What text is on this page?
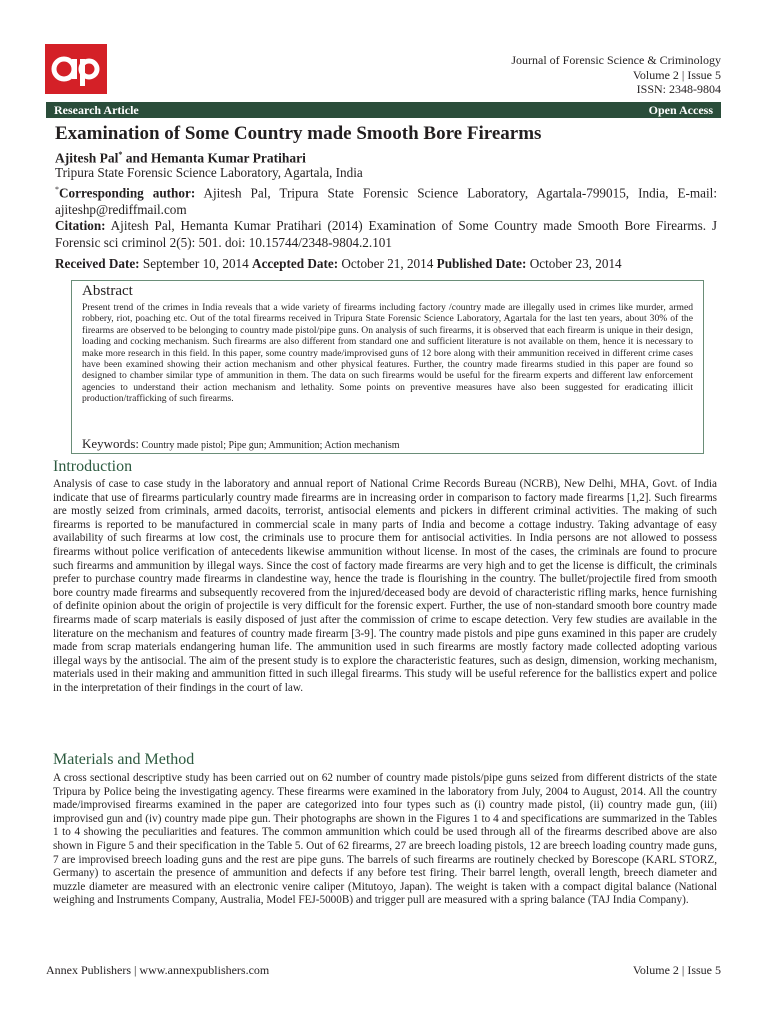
Journal of Forensic Science & Criminology
Volume 2 | Issue 5
ISSN: 2348-9804
Research Article	Open Access
Examination of Some Country made Smooth Bore Firearms
Ajitesh Pal* and Hemanta Kumar Pratihari
Tripura State Forensic Science Laboratory, Agartala, India
*Corresponding author: Ajitesh Pal, Tripura State Forensic Science Laboratory, Agartala-799015, India, E-mail: ajiteshp@rediffmail.com
Citation: Ajitesh Pal, Hemanta Kumar Pratihari (2014) Examination of Some Country made Smooth Bore Firearms. J Forensic sci criminol 2(5): 501. doi: 10.15744/2348-9804.2.101
Received Date: September 10, 2014 Accepted Date: October 21, 2014 Published Date: October 23, 2014
Abstract

Present trend of the crimes in India reveals that a wide variety of firearms including factory /country made are illegally used in crimes like murder, armed robbery, riot, poaching etc. Out of the total firearms received in Tripura State Forensic Science Laboratory, Agartala for the last ten years, about 30% of the firearms are observed to be belonging to country made pistol/pipe guns. On analysis of such firearms, it is observed that each firearm is unique in their design, loading and cocking mechanism. Such firearms are also different from standard one and sufficient literature is not available on them, hence it is necessary to make more research in this field. In this paper, some country made/improvised guns of 12 bore along with their ammunition received in different crime cases have been examined showing their action mechanism and other physical features. Further, the country made firearms studied in this paper are found so designed to chamber similar type of ammunition in them. The data on such firearms would be useful for the firearm experts and different law enforcement agencies to understand their action mechanism and lethality. Some points on preventive measures have also been suggested for eradicating illicit production/trafficking of such firearms.

Keywords: Country made pistol; Pipe gun; Ammunition; Action mechanism
Introduction

Analysis of case to case study in the laboratory and annual report of National Crime Records Bureau (NCRB), New Delhi, MHA, Govt. of India indicate that use of firearms particularly country made firearms are in increasing order in comparison to factory made firearms [1,2]. Such firearms are mostly seized from criminals, armed dacoits, terrorist, antisocial elements and pickers in different criminal activities. The making of such firearms is reported to be manufactured in commercial scale in many parts of India and become a cottage industry. Taking advantage of easy availability of such firearms at low cost, the criminals use to procure them for antisocial activities. In India persons are not allowed to possess firearms without police verification of antecedents likewise ammunition without license. In most of the cases, the criminals are found to procure such firearms and ammunition by illegal ways. Since the cost of factory made firearms are very high and to get the license is difficult, the criminals prefer to purchase country made firearms in clandestine way, hence the trade is flourishing in the country. The bullet/projectile fired from smooth bore country made firearms and subsequently recovered from the injured/deceased body are devoid of characteristic rifling marks, hence furnishing of definite opinion about the origin of projectile is very difficult for the forensic expert. Further, the use of non-standard smooth bore country made firearms made of scarp materials is easily disposed of just after the commission of crime to escape detection. Very few studies are available in the literature on the mechanism and features of country made firearm [3-9]. The country made pistols and pipe guns examined in this paper are crudely made from scrap materials endangering human life. The ammunition used in such firearms are mostly factory made collected adopting various illegal ways by the antisocial. The aim of the present study is to explore the characteristic features, such as design, dimension, working mechanism, materials used in their making and ammunition fitted in such illegal firearms. This study will be useful reference for the ballistics expert and police in the interpretation of their findings in the court of law.

Materials and Method

A cross sectional descriptive study has been carried out on 62 number of country made pistols/pipe guns seized from different districts of the state Tripura by Police being the investigating agency. These firearms were examined in the laboratory from July, 2004 to August, 2014. All the country made/improvised firearms examined in the paper are categorized into four types such as (i) country made pistol, (ii) country made gun, (iii) improvised gun and (iv) country made pipe gun. Their photographs are shown in the Figures 1 to 4 and specifications are summarized in the Tables 1 to 4 showing the peculiarities and features. The common ammunition which could be used through all of the firearms described above are also shown in Figure 5 and their specification in the Table 5. Out of 62 firearms, 27 are breech loading pistols, 12 are breech loading country made guns, 7 are improvised breech loading guns and the rest are pipe guns. The barrels of such firearms are routinely checked by Borescope (KARL STORZ, Germany) to ascertain the presence of ammunition and defects if any before test firing. Their barrel length, overall length, breech diameter and muzzle diameter are measured with an electronic venire caliper (Mitutoyo, Japan). The weight is taken with a compact digital balance (National weighing and Instruments Company, Australia, Model FEJ-5000B) and trigger pull are measured with a spring balance (TAJ India Company).

Annex Publishers | www.annexpublishers.com	Volume 2 | Issue 5
